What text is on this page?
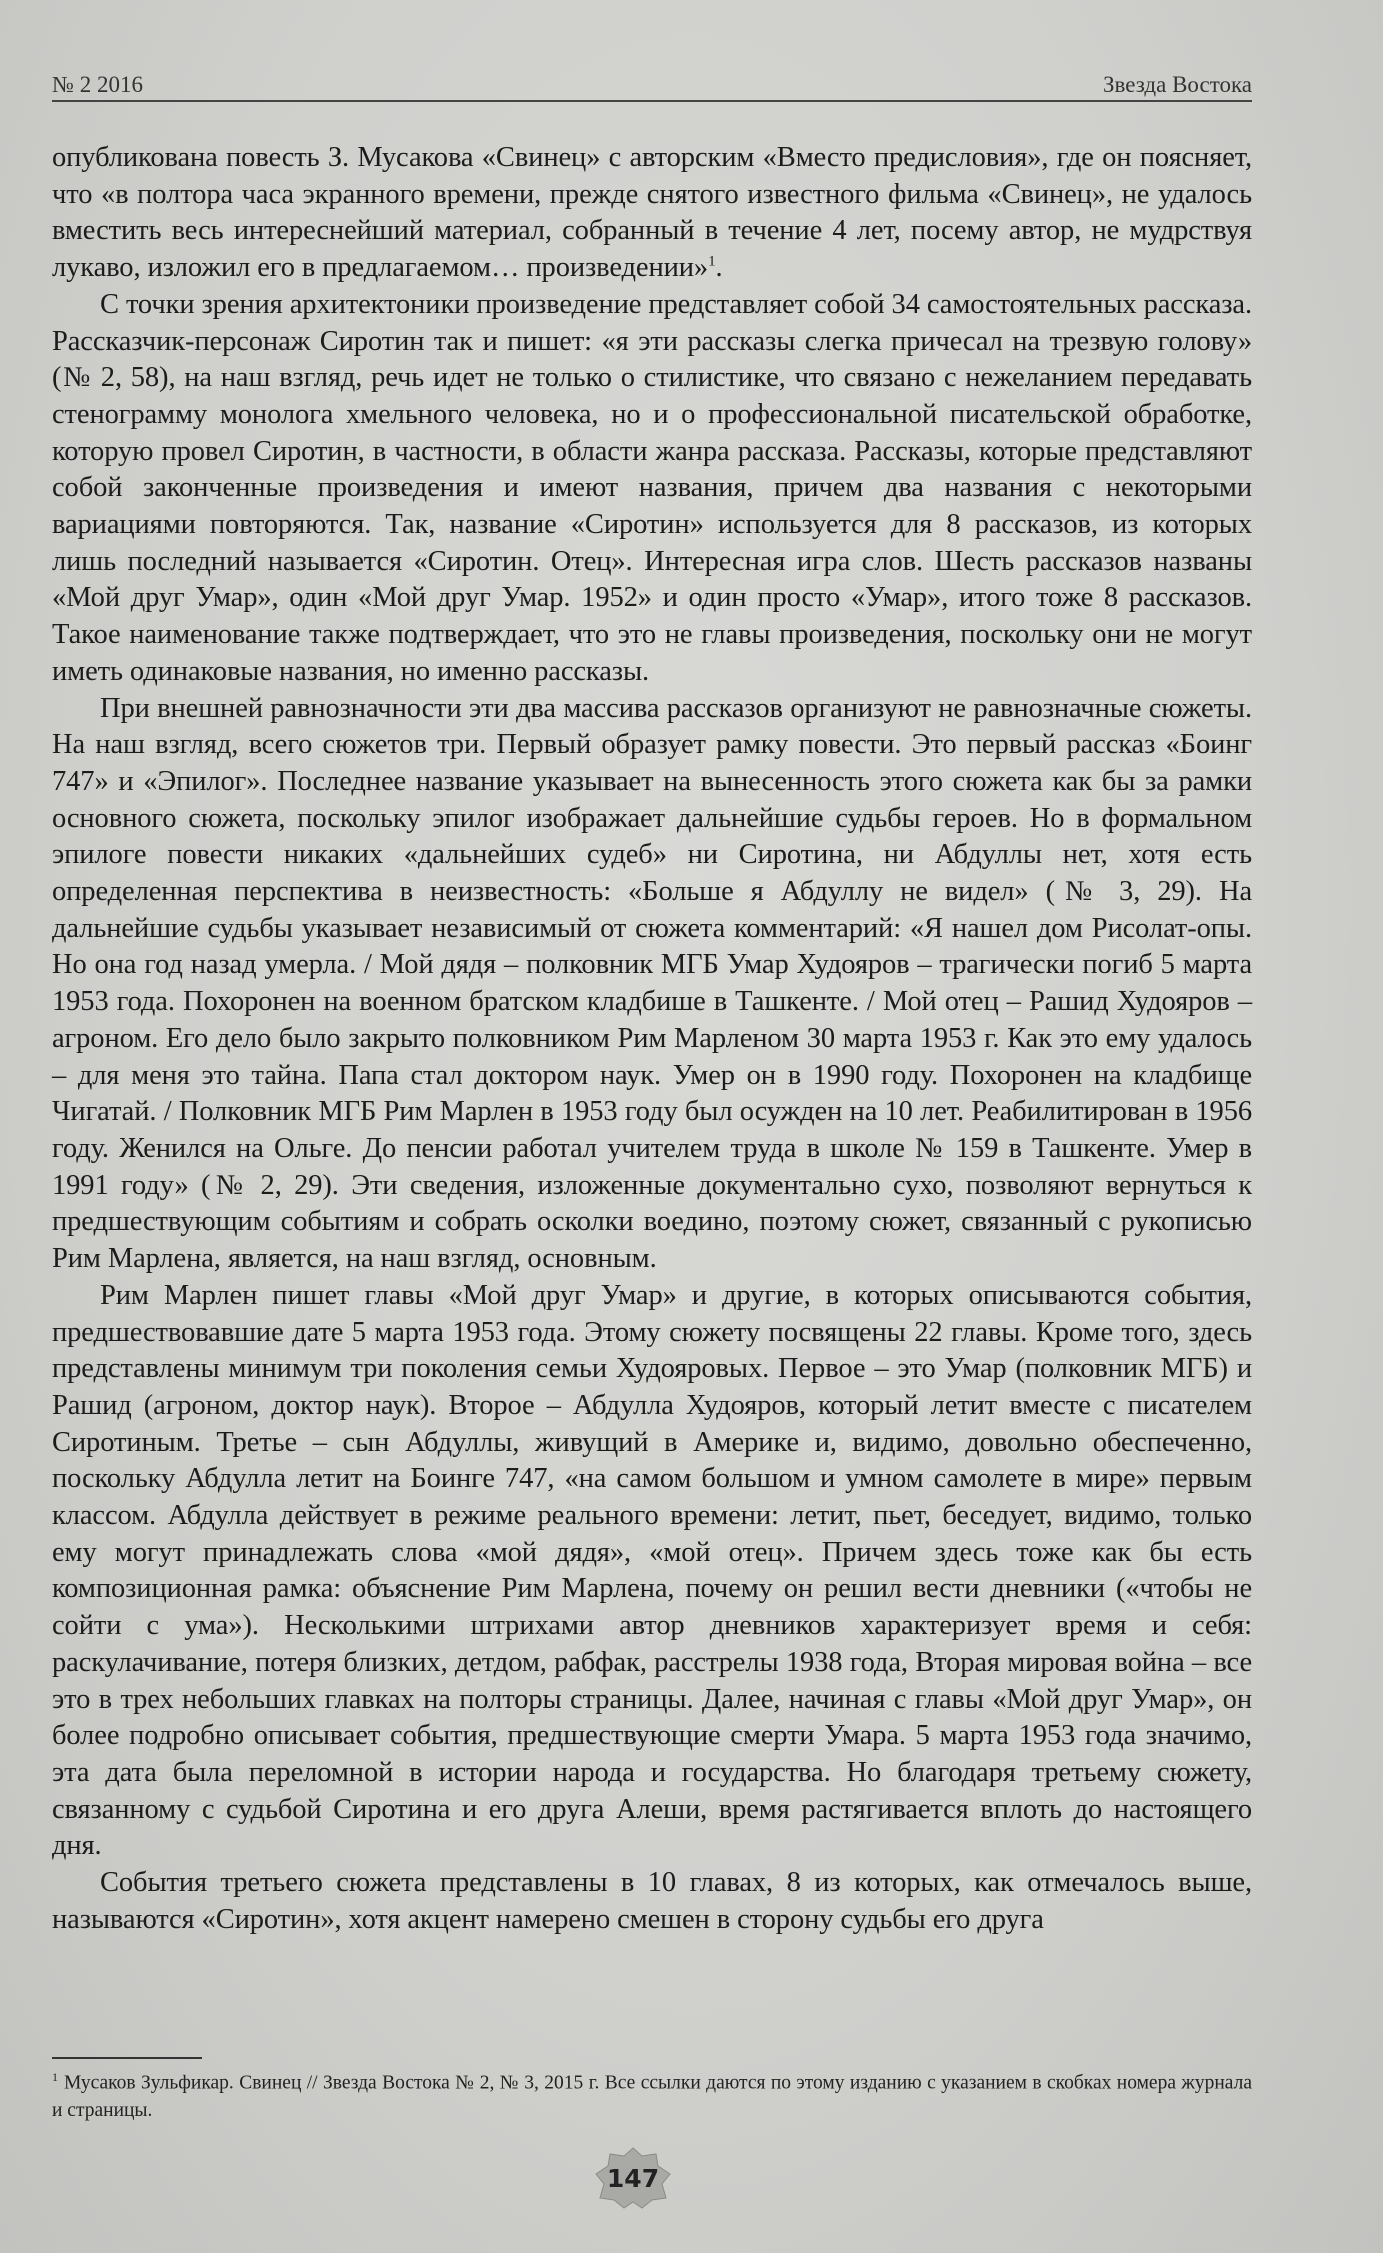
№ 2 2016	Звезда Востока

опубликована повесть З. Мусакова «Свинец» с авторским «Вместо предисловия», где он поясняет, что «в полтора часа экранного времени, прежде снятого известного фильма «Свинец», не удалось вместить весь интереснейший материал, собранный в течение 4 лет, посему автор, не мудрствуя лукаво, изложил его в предлагаемом… произведении»$^1$.

С точки зрения архитектоники произведение представляет собой 34 самостоятельных рассказа. Рассказчик-персонаж Сиротин так и пишет: «я эти рассказы слегка причесал на трезвую голову» (№ 2, 58), на наш взгляд, речь идет не только о стилистике, что связано с нежеланием передавать стенограмму монолога хмельного человека, но и о профессиональной писательской обработке, которую провел Сиротин, в частности, в области жанра рассказа. Рассказы, которые представляют собой законченные произведения и имеют названия, причем два названия с некоторыми вариациями повторяются. Так, название «Сиротин» используется для 8 рассказов, из которых лишь последний называется «Сиротин. Отец». Интересная игра слов. Шесть рассказов названы «Мой друг Умар», один «Мой друг Умар. 1952» и один просто «Умар», итого тоже 8 рассказов. Такое наименование также подтверждает, что это не главы произведения, поскольку они не могут иметь одинаковые названия, но именно рассказы.

При внешней равнозначности эти два массива рассказов организуют не равнозначные сюжеты. На наш взгляд, всего сюжетов три. Первый образует рамку повести. Это первый рассказ «Боинг 747» и «Эпилог». Последнее название указывает на вынесенность этого сюжета как бы за рамки основного сюжета, поскольку эпилог изображает дальнейшие судьбы героев. Но в формальном эпилоге повести никаких «дальнейших судеб» ни Сиротина, ни Абдуллы нет, хотя есть определенная перспектива в неизвестность: «Больше я Абдуллу не видел» (№ 3, 29). На дальнейшие судьбы указывает независимый от сюжета комментарий: «Я нашел дом Рисолат-опы. Но она год назад умерла. / Мой дядя – полковник МГБ Умар Худояров – трагически погиб 5 марта 1953 года. Похоронен на военном братском кладбише в Ташкенте. / Мой отец – Рашид Худояров – агроном. Его дело было закрыто полковником Рим Марленом 30 марта 1953 г. Как это ему удалось – для меня это тайна. Папа стал доктором наук. Умер он в 1990 году. Похоронен на кладбище Чигатай. / Полковник МГБ Рим Марлен в 1953 году был осужден на 10 лет. Реабилитирован в 1956 году. Женился на Ольге. До пенсии работал учителем труда в школе № 159 в Ташкенте. Умер в 1991 году» (№ 2, 29). Эти сведения, изложенные документально сухо, позволяют вернуться к предшествующим событиям и собрать осколки воедино, поэтому сюжет, связанный с рукописью Рим Марлена, является, на наш взгляд, основным.

Рим Марлен пишет главы «Мой друг Умар» и другие, в которых описываются события, предшествовавшие дате 5 марта 1953 года. Этому сюжету посвящены 22 главы. Кроме того, здесь представлены минимум три поколения семьи Худояровых. Первое – это Умар (полковник МГБ) и Рашид (агроном, доктор наук). Второе – Абдулла Худояров, который летит вместе с писателем Сиротиным. Третье – сын Абдуллы, живущий в Америке и, видимо, довольно обеспеченно, поскольку Абдулла летит на Боинге 747, «на самом большом и умном самолете в мире» первым классом. Абдулла действует в режиме реального времени: летит, пьет, беседует, видимо, только ему могут принадлежать слова «мой дядя», «мой отец». Причем здесь тоже как бы есть композиционная рамка: объяснение Рим Марлена, почему он решил вести дневники («чтобы не сойти с ума»). Несколькими штрихами автор дневников характеризует время и себя: раскулачивание, потеря близких, детдом, рабфак, расстрелы 1938 года, Вторая мировая война – все это в трех небольших главках на полторы страницы. Далее, начиная с главы «Мой друг Умар», он более подробно описывает события, предшествующие смерти Умара. 5 марта 1953 года значимо, эта дата была переломной в истории народа и государства. Но благодаря третьему сюжету, связанному с судьбой Сиротина и его друга Алеши, время растягивается вплоть до настоящего дня.

События третьего сюжета представлены в 10 главах, 8 из которых, как отмечалось выше, называются «Сиротин», хотя акцент намерено смешен в сторону судьбы его друга

$^1$ Мусаков Зульфикар. Свинец // Звезда Востока № 2, № 3, 2015 г. Все ссылки даются по этому изданию с указанием в скобках номера журнала и страницы.
147
